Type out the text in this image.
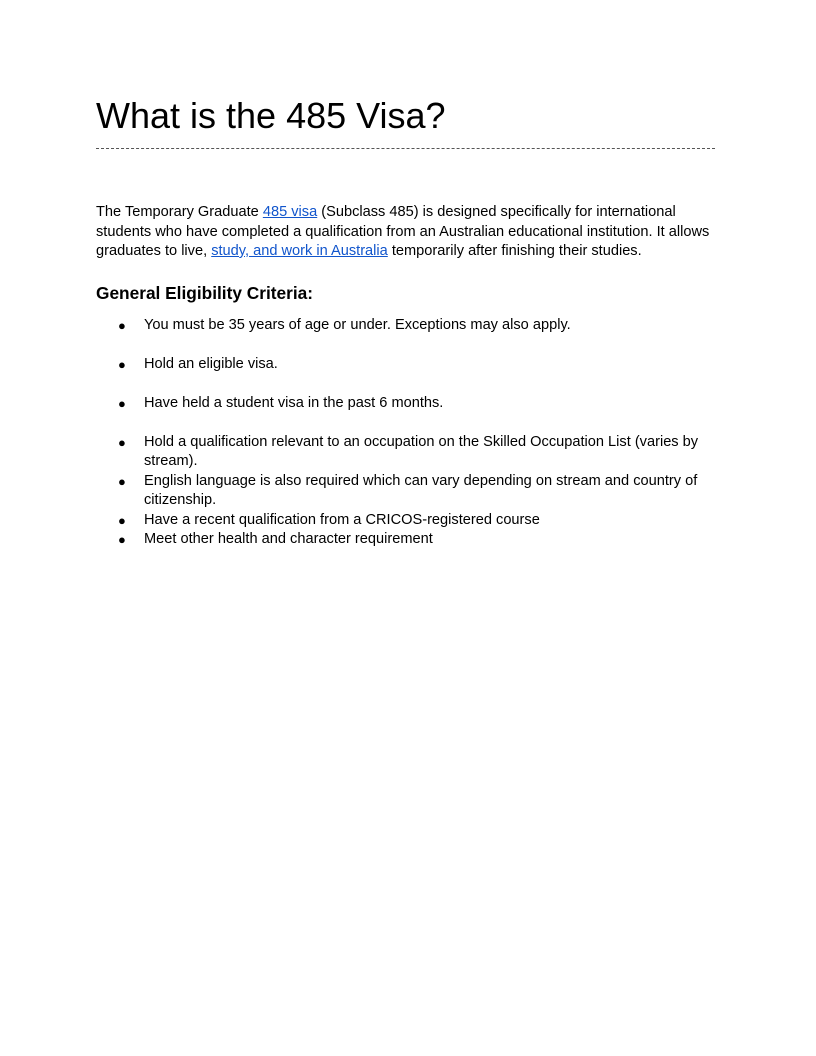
What is the 485 Visa?

The Temporary Graduate 485 visa (Subclass 485) is designed specifically for international students who have completed a qualification from an Australian educational institution. It allows graduates to live, study, and work in Australia temporarily after finishing their studies.

General Eligibility Criteria:
● You must be 35 years of age or under. Exceptions may also apply.
● Hold an eligible visa.
● Have held a student visa in the past 6 months.
● Hold a qualification relevant to an occupation on the Skilled Occupation List (varies by stream).
● English language is also required which can vary depending on stream and country of citizenship.
● Have a recent qualification from a CRICOS-registered course
● Meet other health and character requirement
